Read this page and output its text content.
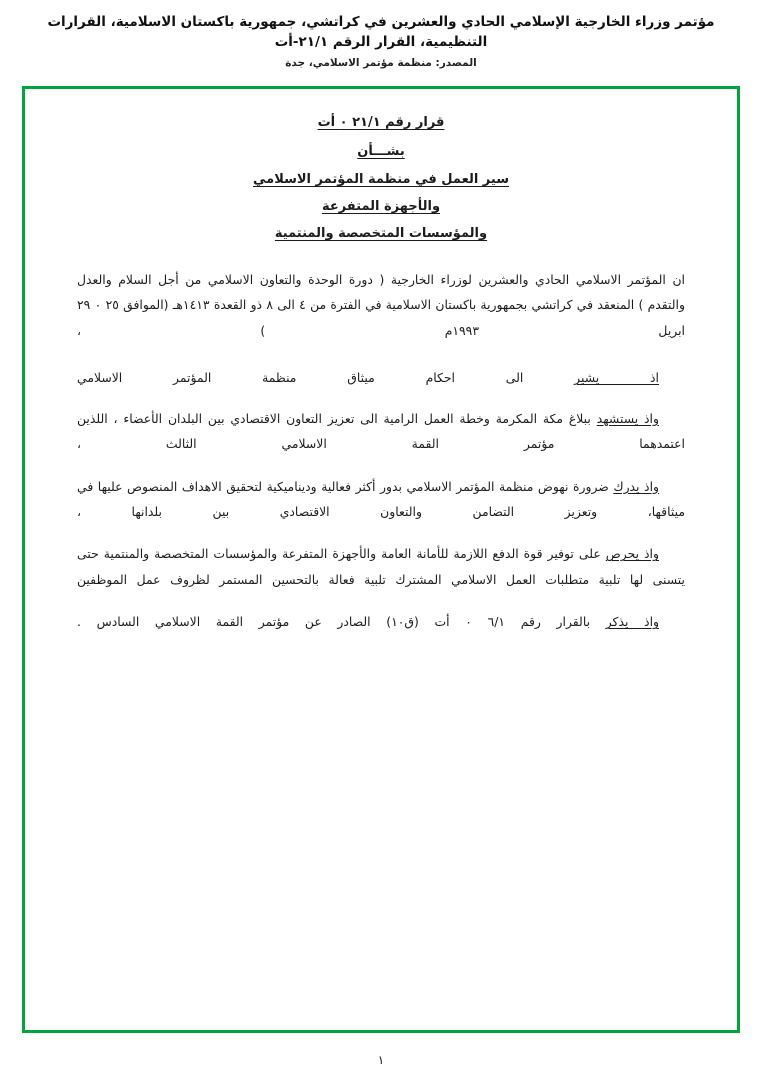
مؤتمر وزراء الخارجية الإسلامي الحادي والعشرين في كراتشي، جمهورية باكستان الاسلامية، القرارات التنظيمية، القرار الرقم ٢١/١-أت
المصدر: منظمة مؤتمر الاسلامي، جدة
قرار رقم ٢١/١ ٠ أت
بشـــأن
سير العمل في منظمة المؤتمر الاسلامي
والأجهزة المتفرعة
والمؤسسات المتخصصة والمنتمية

ان المؤتمر الاسلامي الحادي والعشرين لوزراء الخارجية ( دورة الوحدة والتعاون الاسلامي من أجل السلام والعدل والتقدم ) المنعقد في كراتشي بجمهورية باكستان الاسلامية في الفترة من ٤ الى ٨ ذو القعدة ١٤١٣هـ (الموافق ٢٥ ٠ ٢٩ ابريل ١٩٩٣م ) ،

اذ يشير الى احكام ميثاق منظمة المؤتمر الاسلامي

واذ يستشهد ببلاغ مكة المكرمة وخطة العمل الرامية الى تعزيز التعاون الاقتصادي بين البلدان الأعضاء ، اللذين اعتمدهما مؤتمر القمة الاسلامي الثالث ،

واذ يدرك ضرورة نهوض منظمة المؤتمر الاسلامي بدور أكثر فعالية وديناميكية لتحقيق الاهداف المنصوص عليها في ميثاقها، وتعزيز التضامن والتعاون الاقتصادي بين بلدانها ،

واذ يحرص على توفير قوة الدفع اللازمة للأمانة العامة والأجهزة المتفرعة والمؤسسات المتخصصة والمنتمية حتى يتسنى لها تلبية متطلبات العمل الاسلامي المشترك تلبية فعالة بالتحسين المستمر لظروف عمل الموظفين

واذ يذكر بالقرار رقم ٦/١ ٠ أت (ق١٠) الصادر عن مؤتمر القمة الاسلامي السادس .

١
